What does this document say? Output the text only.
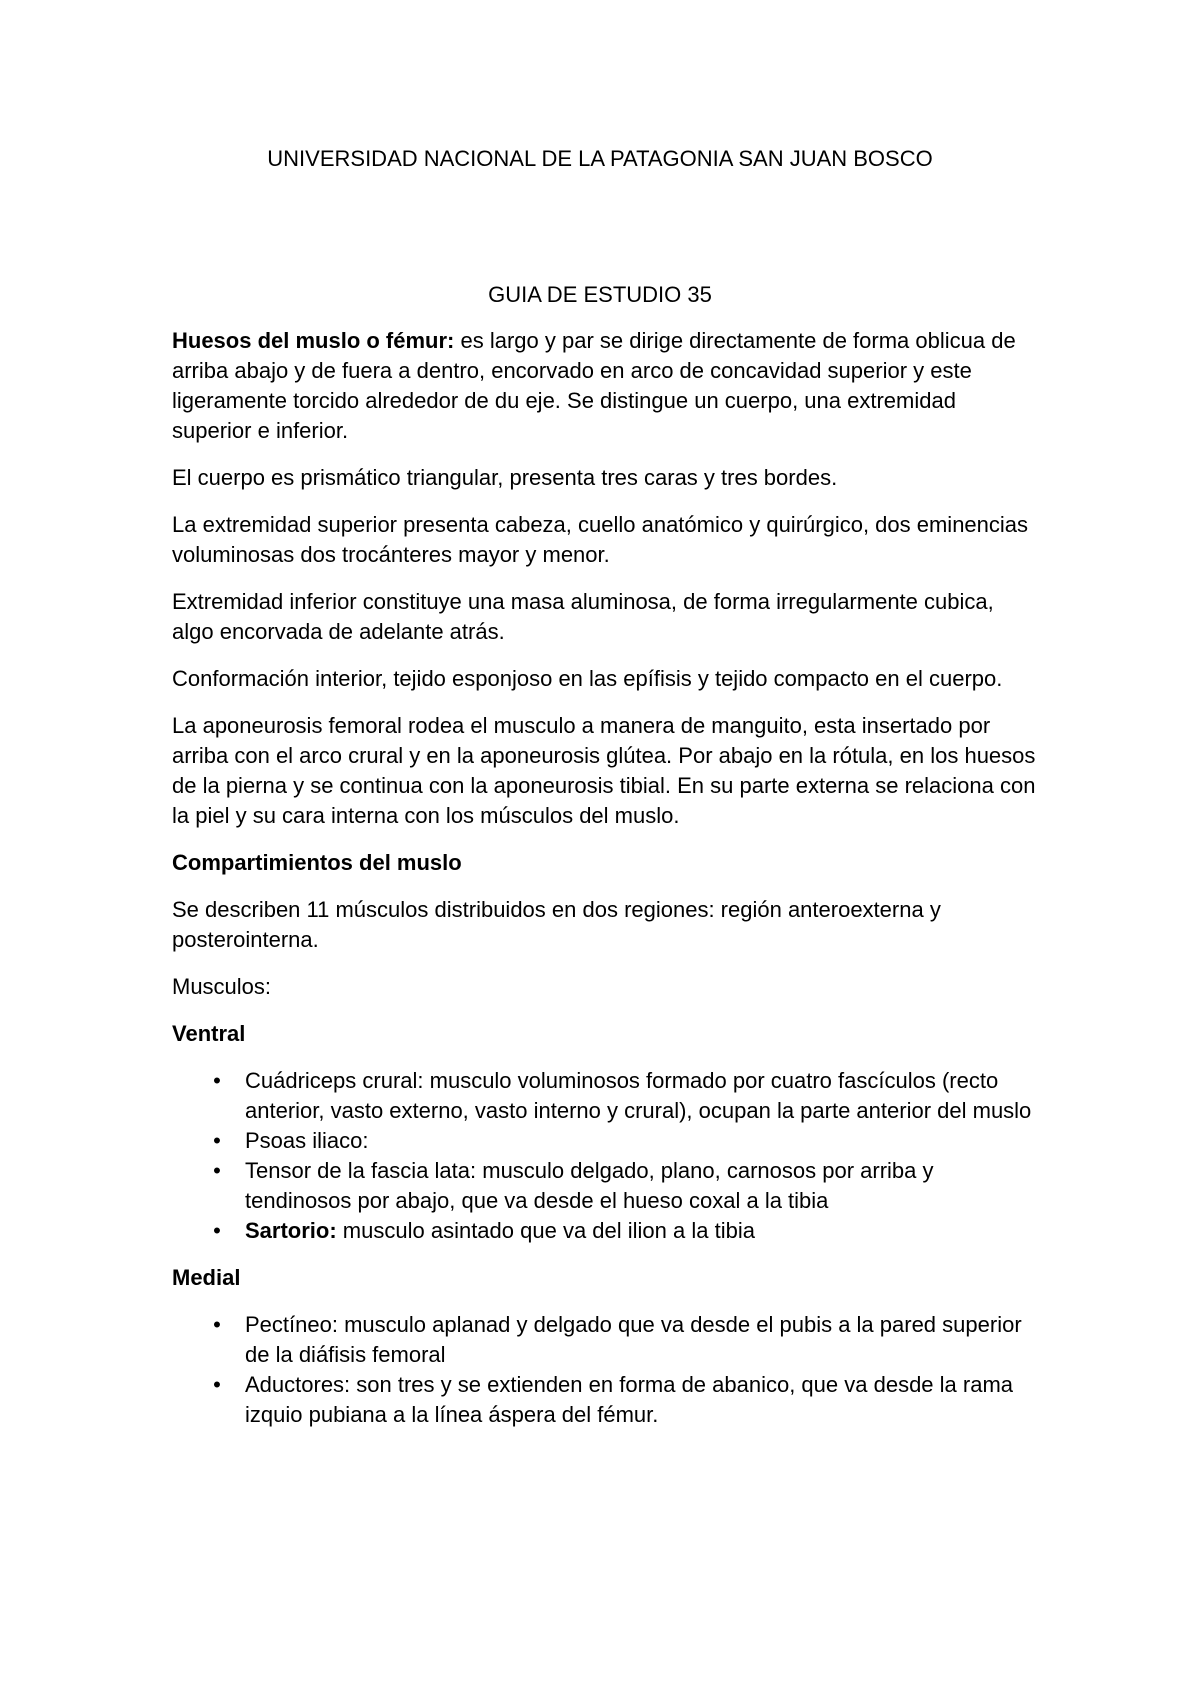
UNIVERSIDAD NACIONAL DE LA PATAGONIA SAN JUAN BOSCO
GUIA DE ESTUDIO 35

Huesos del muslo o fémur: es largo y par se dirige directamente de forma oblicua de arriba abajo y de fuera a dentro, encorvado en arco de concavidad superior y este ligeramente torcido alrededor de du eje. Se distingue un cuerpo, una extremidad superior e inferior.

El cuerpo es prismático triangular, presenta tres caras y tres bordes.

La extremidad superior presenta cabeza, cuello anatómico y quirúrgico, dos eminencias voluminosas dos trocánteres mayor y menor.

Extremidad inferior constituye una masa aluminosa, de forma irregularmente cubica, algo encorvada de adelante atrás.

Conformación interior, tejido esponjoso en las epífisis y tejido compacto en el cuerpo.

La aponeurosis femoral rodea el musculo a manera de manguito, esta insertado por arriba con el arco crural y en la aponeurosis glútea. Por abajo en la rótula, en los huesos de la pierna y se continua con la aponeurosis tibial. En su parte externa se relaciona con la piel y su cara interna con los músculos del muslo.

Compartimientos del muslo

Se describen 11 músculos distribuidos en dos regiones: región anteroexterna y posterointerna.

Musculos:

Ventral

• Cuádriceps crural: musculo voluminosos formado por cuatro fascículos (recto anterior, vasto externo, vasto interno y crural), ocupan la parte anterior del muslo
• Psoas iliaco:
• Tensor de la fascia lata: musculo delgado, plano, carnosos por arriba y tendinosos por abajo, que va desde el hueso coxal a la tibia
• Sartorio: musculo asintado que va del ilion a la tibia

Medial

• Pectíneo: musculo aplanad y delgado que va desde el pubis a la pared superior de la diáfisis femoral
• Aductores: son tres y se extienden en forma de abanico, que va desde la rama izquio pubiana a la línea áspera del fémur.
